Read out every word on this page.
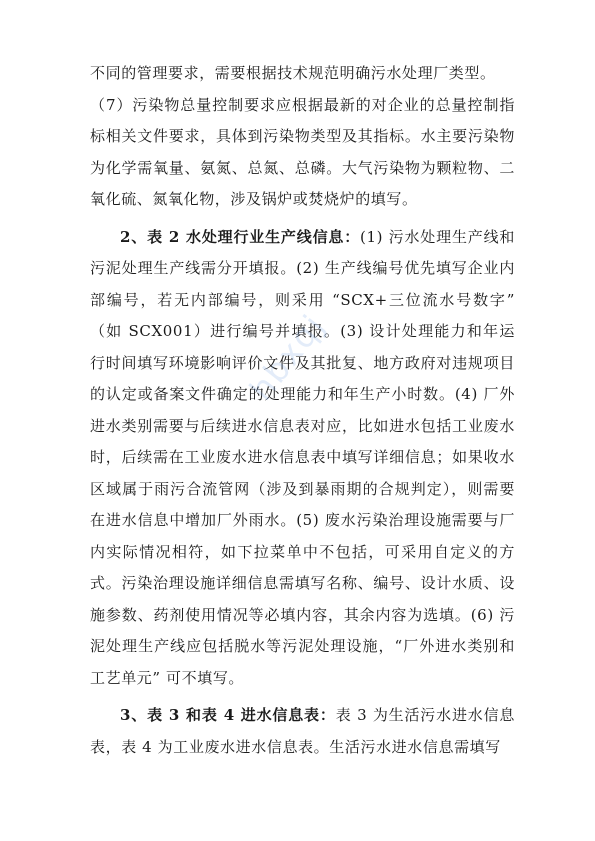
不同的管理要求，需要根据技术规范明确污水处理厂类型。

（7）污染物总量控制要求应根据最新的对企业的总量控制指标相关文件要求，具体到污染物类型及其指标。水主要污染物为化学需氧量、氨氮、总氮、总磷。大气污染物为颗粒物、二氧化硫、氮氧化物，涉及锅炉或焚烧炉的填写。

2、表 2 水处理行业生产线信息：(1) 污水处理生产线和污泥处理生产线需分开填报。(2) 生产线编号优先填写企业内部编号，若无内部编号，则采用 “SCX+三位流水号数字” （如 SCX001）进行编号并填报。(3) 设计处理能力和年运行时间填写环境影响评价文件及其批复、地方政府对违规项目的认定或备案文件确定的处理能力和年生产小时数。(4) 厂外进水类别需要与后续进水信息表对应，比如进水包括工业废水时，后续需在工业废水进水信息表中填写详细信息；如果收水区域属于雨污合流管网（涉及到暴雨期的合规判定），则需要在进水信息中增加厂外雨水。(5) 废水污染治理设施需要与厂内实际情况相符，如下拉菜单中不包括，可采用自定义的方式。污染治理设施详细信息需填写名称、编号、设计水质、设施参数、药剂使用情况等必填内容，其余内容为选填。(6) 污泥处理生产线应包括脱水等污泥处理设施，“厂外进水类别和工艺单元” 可不填写。

3、表 3 和表 4 进水信息表：表 3 为生活污水进水信息表，表 4 为工业废水进水信息表。生活污水进水信息需填写

hbxqj
